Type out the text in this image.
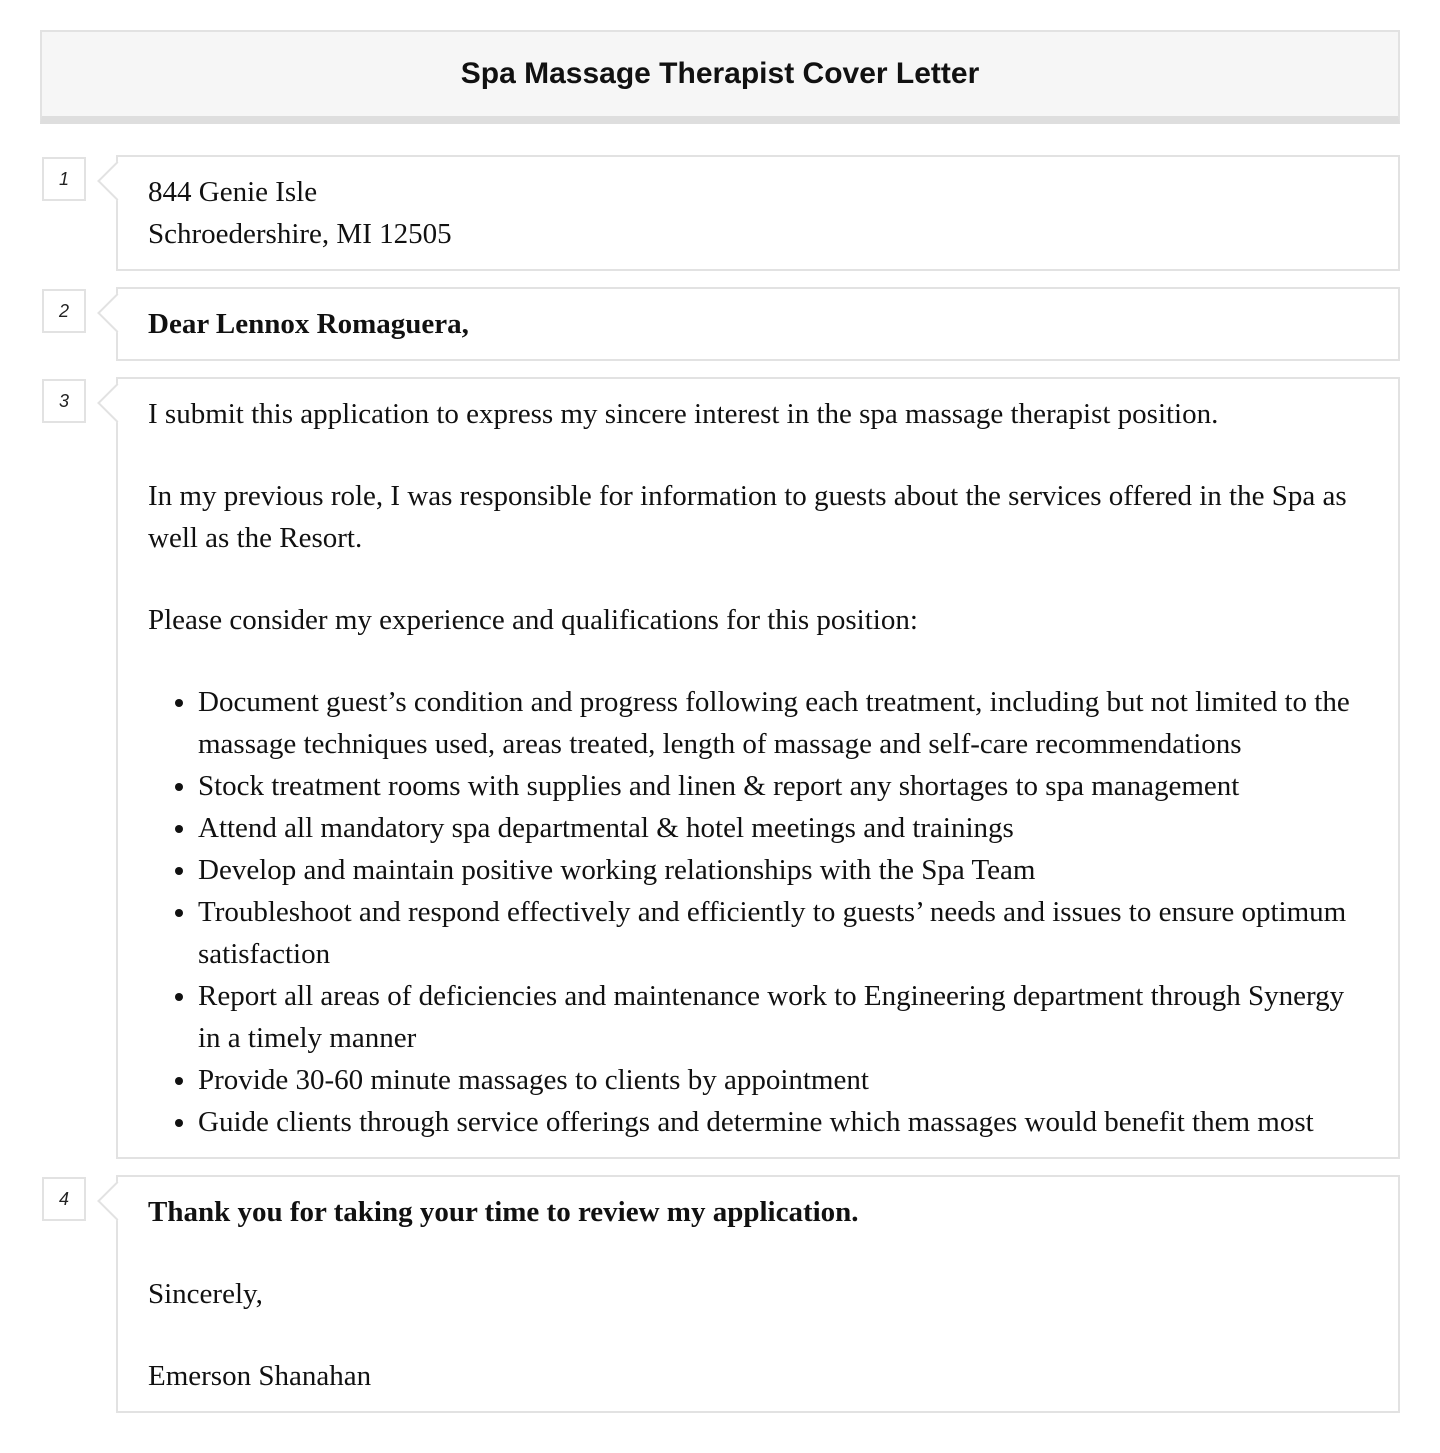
Spa Massage Therapist Cover Letter
1	844 Genie Isle

Schroedershire, MI 12505

2	Dear Lennox Romaguera,

3	I submit this application to express my sincere interest in the spa massage therapist position.

In my previous role, I was responsible for information to guests about the services offered in the Spa as well as the Resort.

Please consider my experience and qualifications for this position:

• Document guest’s condition and progress following each treatment, including but not limited to the massage techniques used, areas treated, length of massage and self-care recommendations
• Stock treatment rooms with supplies and linen & report any shortages to spa management
• Attend all mandatory spa departmental & hotel meetings and trainings
• Develop and maintain positive working relationships with the Spa Team
• Troubleshoot and respond effectively and efficiently to guests’ needs and issues to ensure optimum satisfaction
• Report all areas of deficiencies and maintenance work to Engineering department through Synergy in a timely manner
• Provide 30-60 minute massages to clients by appointment
• Guide clients through service offerings and determine which massages would benefit them most
4	Thank you for taking your time to review my application.

Sincerely,

Emerson Shanahan
